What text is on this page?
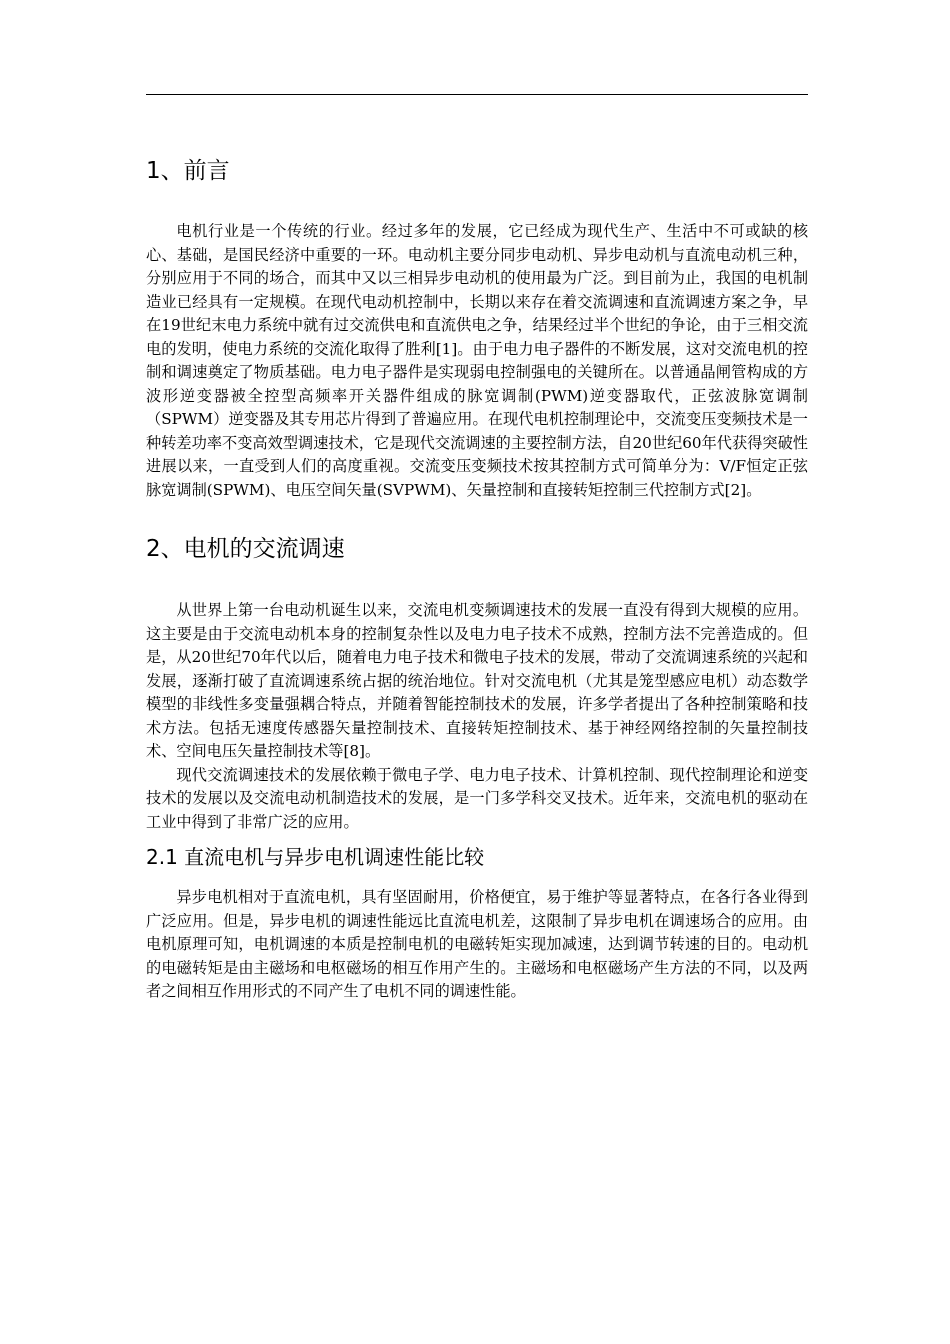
1、前言

电机行业是一个传统的行业。经过多年的发展，它已经成为现代生产、生活中不可或缺的核心、基础，是国民经济中重要的一环。电动机主要分同步电动机、异步电动机与直流电动机三种，分别应用于不同的场合，而其中又以三相异步电动机的使用最为广泛。到目前为止，我国的电机制造业已经具有一定规模。在现代电动机控制中，长期以来存在着交流调速和直流调速方案之争，早在19世纪末电力系统中就有过交流供电和直流供电之争，结果经过半个世纪的争论，由于三相交流电的发明，使电力系统的交流化取得了胜利[1]。由于电力电子器件的不断发展，这对交流电机的控制和调速奠定了物质基础。电力电子器件是实现弱电控制强电的关键所在。以普通晶闸管构成的方波形逆变器被全控型高频率开关器件组成的脉宽调制(PWM)逆变器取代，正弦波脉宽调制（SPWM）逆变器及其专用芯片得到了普遍应用。在现代电机控制理论中，交流变压变频技术是一种转差功率不变高效型调速技术，它是现代交流调速的主要控制方法，自20世纪60年代获得突破性进展以来，一直受到人们的高度重视。交流变压变频技术按其控制方式可简单分为：V/F恒定正弦脉宽调制(SPWM)、电压空间矢量(SVPWM)、矢量控制和直接转矩控制三代控制方式[2]。

2、电机的交流调速

从世界上第一台电动机诞生以来，交流电机变频调速技术的发展一直没有得到大规模的应用。这主要是由于交流电动机本身的控制复杂性以及电力电子技术不成熟，控制方法不完善造成的。但是，从20世纪70年代以后，随着电力电子技术和微电子技术的发展，带动了交流调速系统的兴起和发展，逐渐打破了直流调速系统占据的统治地位。针对交流电机（尤其是笼型感应电机）动态数学模型的非线性多变量强耦合特点，并随着智能控制技术的发展，许多学者提出了各种控制策略和技术方法。包括无速度传感器矢量控制技术、直接转矩控制技术、基于神经网络控制的矢量控制技术、空间电压矢量控制技术等[8]。

现代交流调速技术的发展依赖于微电子学、电力电子技术、计算机控制、现代控制理论和逆变技术的发展以及交流电动机制造技术的发展，是一门多学科交叉技术。近年来，交流电机的驱动在工业中得到了非常广泛的应用。

2.1 直流电机与异步电机调速性能比较

异步电机相对于直流电机，具有坚固耐用，价格便宜，易于维护等显著特点，在各行各业得到广泛应用。但是，异步电机的调速性能远比直流电机差，这限制了异步电机在调速场合的应用。由电机原理可知，电机调速的本质是控制电机的电磁转矩实现加减速，达到调节转速的目的。电动机的电磁转矩是由主磁场和电枢磁场的相互作用产生的。主磁场和电枢磁场产生方法的不同，以及两者之间相互作用形式的不同产生了电机不同的调速性能。
